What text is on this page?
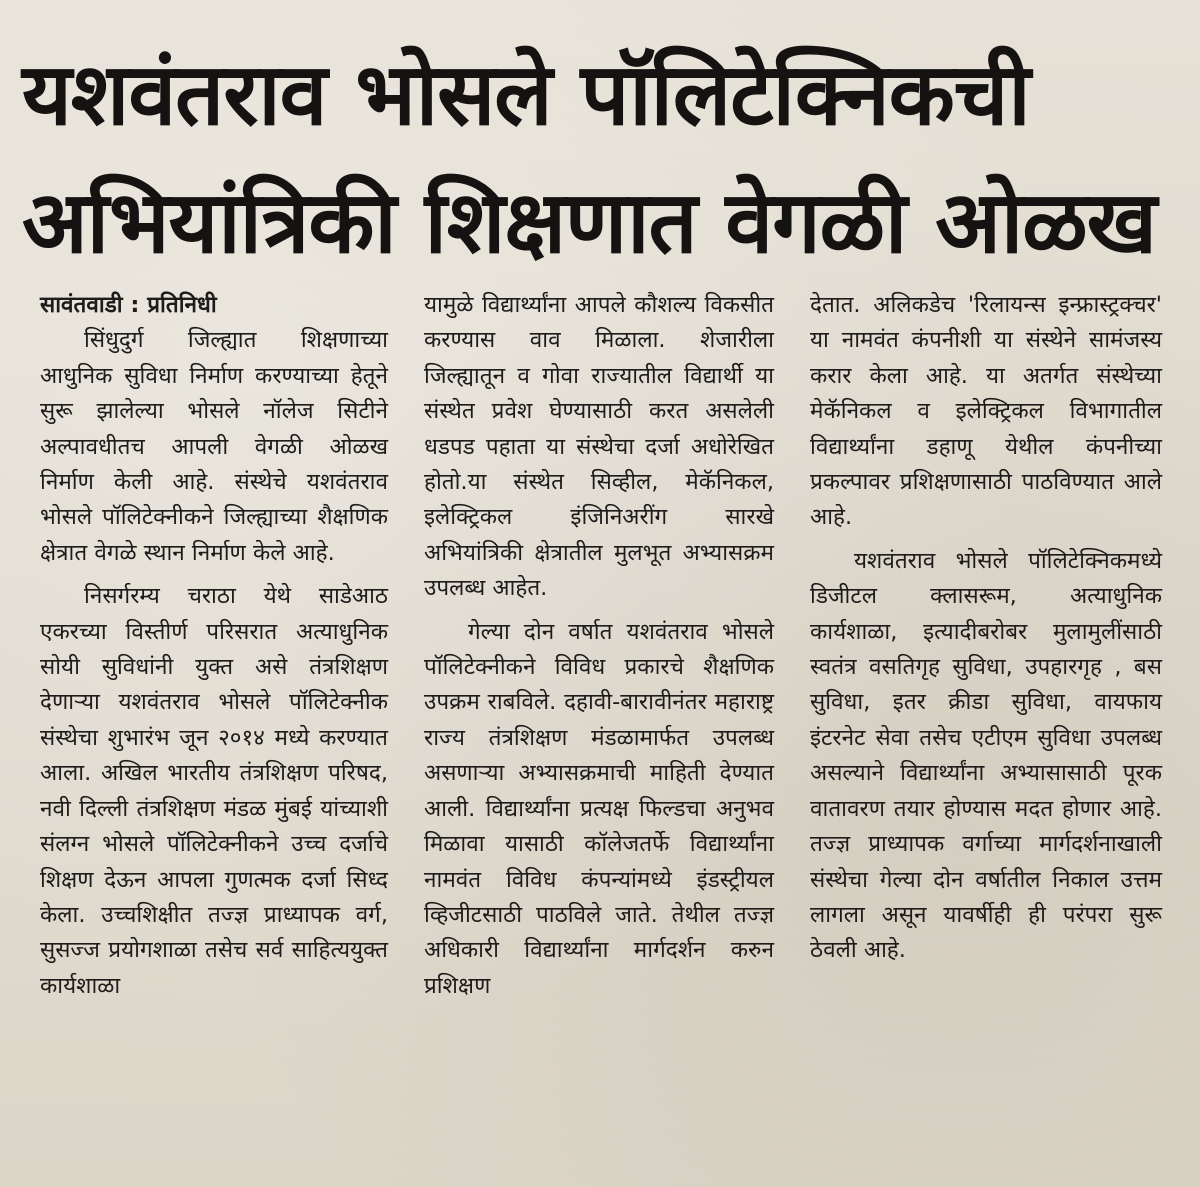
यशवंतराव भोसले पॉलिटेक्निकची
अभियांत्रिकी शिक्षणात वेगळी ओळख
सावंतवाडी : प्रतिनिधी

सिंधुदुर्ग जिल्ह्यात शिक्षणाच्या आधुनिक सुविधा निर्माण करण्याच्या हेतूने सुरू झालेल्या भोसले नॉलेज सिटीने अल्पावधीतच आपली वेगळी ओळख निर्माण केली आहे. संस्थेचे यशवंतराव भोसले पॉलिटेक्नीकने जिल्ह्याच्या शैक्षणिक क्षेत्रात वेगळे स्थान निर्माण केले आहे.

निसर्गरम्य चराठा येथे साडेआठ एकरच्या विस्तीर्ण परिसरात अत्याधुनिक सोयी सुविधांनी युक्त असे तंत्रशिक्षण देणाऱ्या यशवंतराव भोसले पॉलिटेक्नीक संस्थेचा शुभारंभ जून २०१४ मध्ये करण्यात आला. अखिल भारतीय तंत्रशिक्षण परिषद, नवी दिल्ली तंत्रशिक्षण मंडळ मुंबई यांच्याशी संलग्न भोसले पॉलिटेक्नीकने उच्च दर्जाचे शिक्षण देऊन आपला गुणत्मक दर्जा सिध्द केला. उच्चशिक्षीत तज्ज्ञ प्राध्यापक वर्ग, सुसज्ज प्रयोगशाळा तसेच सर्व साहित्ययुक्त कार्यशाळा

यामुळे विद्यार्थ्यांना आपले कौशल्य विकसीत करण्यास वाव मिळाला. शेजारीला जिल्ह्यातून व गोवा राज्यातील विद्यार्थी या संस्थेत प्रवेश घेण्यासाठी करत असलेली धडपड पहाता या संस्थेचा दर्जा अधोरेखित होतो.या संस्थेत सिव्हील, मेकॅनिकल, इलेक्ट्रिकल इंजिनिअरींग सारखे अभियांत्रिकी क्षेत्रातील मुलभूत अभ्यासक्रम उपलब्ध आहेत.

गेल्या दोन वर्षात यशवंतराव भोसले पॉलिटेक्नीकने विविध प्रकारचे शैक्षणिक उपक्रम राबविले. दहावी-बारावीनंतर महाराष्ट्र राज्य तंत्रशिक्षण मंडळामार्फत उपलब्ध असणाऱ्या अभ्यासक्रमाची माहिती देण्यात आली. विद्यार्थ्यांना प्रत्यक्ष फिल्डचा अनुभव मिळावा यासाठी कॉलेजतर्फे विद्यार्थ्यांना नामवंत विविध कंपन्यांमध्ये इंडस्ट्रीयल व्हिजीटसाठी पाठविले जाते. तेथील तज्ज्ञ अधिकारी विद्यार्थ्यांना मार्गदर्शन करुन प्रशिक्षण

देतात. अलिकडेच 'रिलायन्स इन्फ्रास्ट्रक्चर' या नामवंत कंपनीशी या संस्थेने सामंजस्य करार केला आहे. या अतर्गत संस्थेच्या मेकॅनिकल व इलेक्ट्रिकल विभागातील विद्यार्थ्यांना डहाणू येथील कंपनीच्या प्रकल्पावर प्रशिक्षणासाठी पाठविण्यात आले आहे.

यशवंतराव भोसले पॉलिटेक्निकमध्ये डिजीटल क्लासरूम, अत्याधुनिक कार्यशाळा, इत्यादीबरोबर मुलामुलींसाठी स्वतंत्र वसतिगृह सुविधा, उपहारगृह , बस सुविधा, इतर क्रीडा सुविधा, वायफाय इंटरनेट सेवा तसेच एटीएम सुविधा उपलब्ध असल्याने विद्यार्थ्यांना अभ्यासासाठी पूरक वातावरण तयार होण्यास मदत होणार आहे. तज्ज्ञ प्राध्यापक वर्गाच्या मार्गदर्शनाखाली संस्थेचा गेल्या दोन वर्षातील निकाल उत्तम लागला असून यावर्षीही ही परंपरा सुरू ठेवली आहे.
